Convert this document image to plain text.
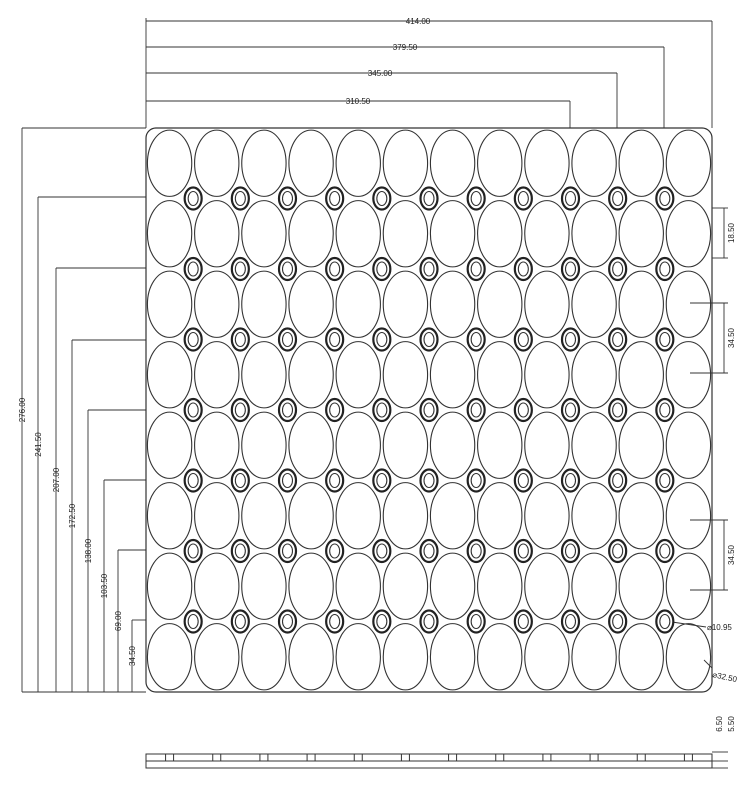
414.00
379.50
345.00
310.50
276.00
241.50
207.00
172.50
138.00
103.50
69.00
34.50
18.50
34.50
34.50
⌀10.95
⌀32.50
6.50 5.50
